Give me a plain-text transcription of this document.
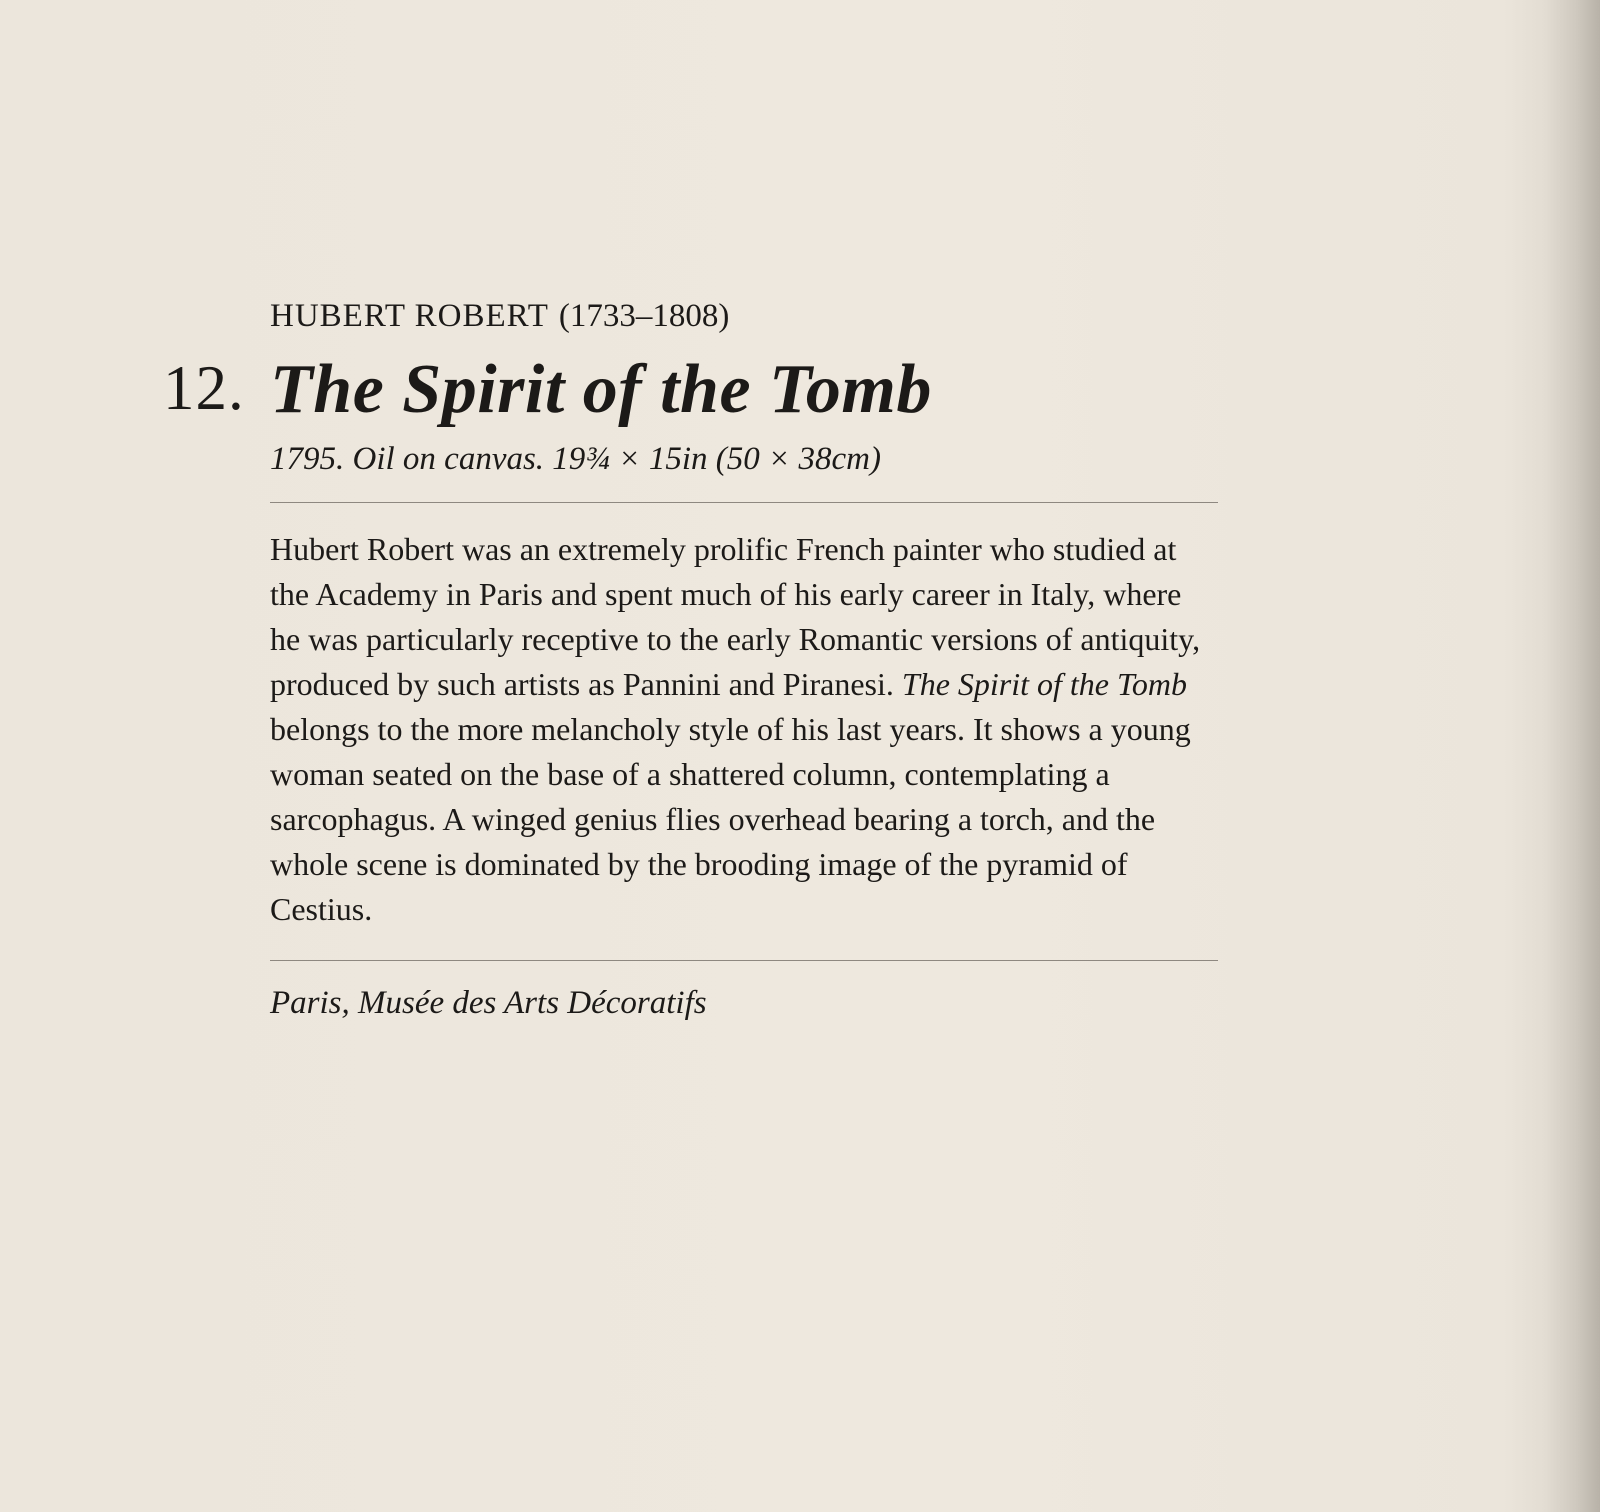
HUBERT ROBERT (1733–1808)

12. The Spirit of the Tomb

1795. Oil on canvas. 19¾ × 15in (50 × 38cm)

Hubert Robert was an extremely prolific French painter who studied at the Academy in Paris and spent much of his early career in Italy, where he was particularly receptive to the early Romantic versions of antiquity, produced by such artists as Pannini and Piranesi. The Spirit of the Tomb belongs to the more melancholy style of his last years. It shows a young woman seated on the base of a shattered column, contemplating a sarcophagus. A winged genius flies overhead bearing a torch, and the whole scene is dominated by the brooding image of the pyramid of Cestius.

Paris, Musée des Arts Décoratifs
